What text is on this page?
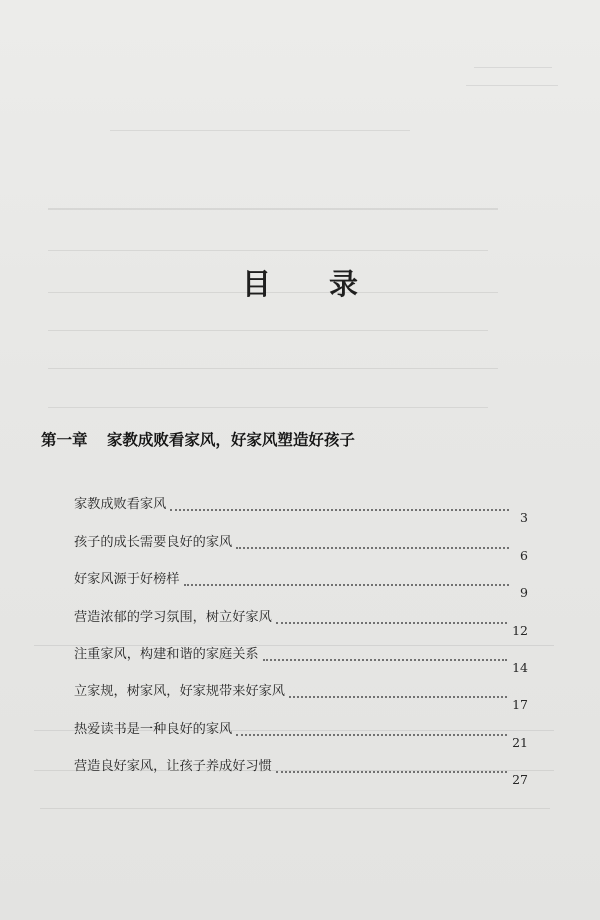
目 录
第一章 家教成败看家风，好家风塑造好孩子
家教成败看家风
3
孩子的成长需要良好的家风
6
好家风源于好榜样
9
营造浓郁的学习氛围，树立好家风
12
注重家风，构建和谐的家庭关系
14
立家规，树家风，好家规带来好家风
17
热爱读书是一种良好的家风
21
营造良好家风，让孩子养成好习惯
27
